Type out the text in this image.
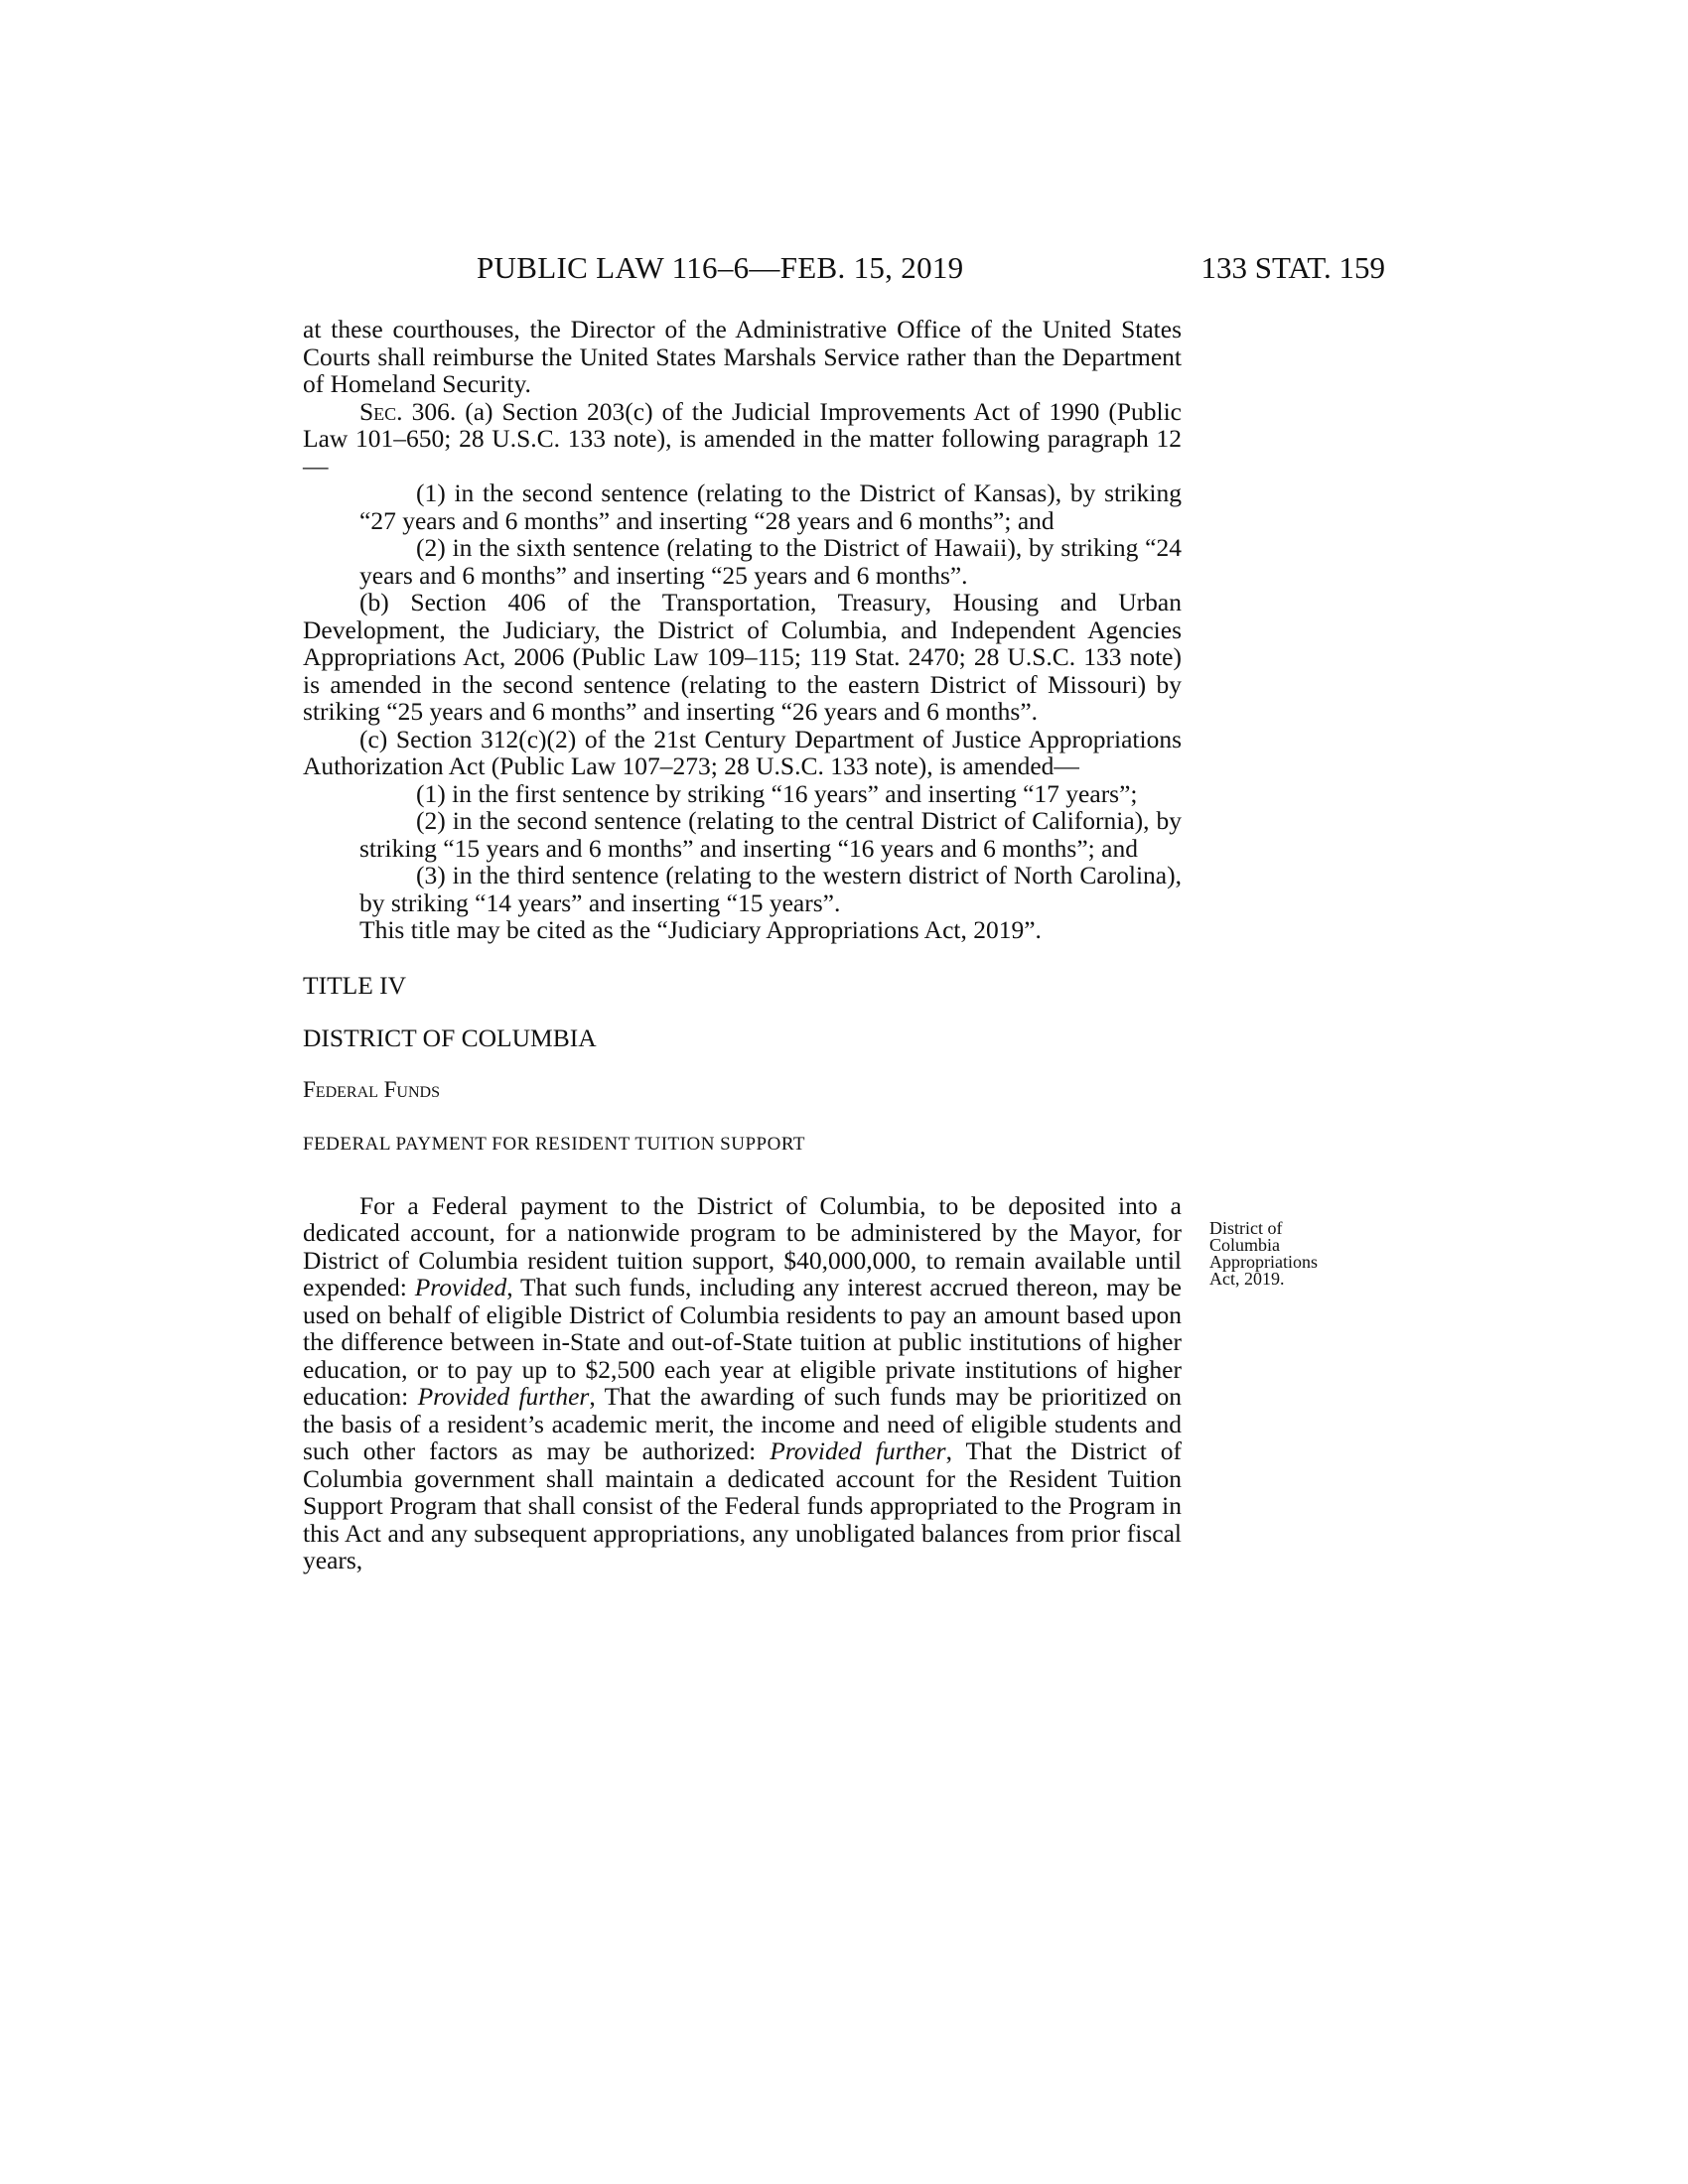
PUBLIC LAW 116–6—FEB. 15, 2019	133 STAT. 159
District of
Columbia
Appropriations
Act, 2019.

at these courthouses, the Director of the Administrative Office of the United States Courts shall reimburse the United States Marshals Service rather than the Department of Homeland Security.

Sec. 306. (a) Section 203(c) of the Judicial Improvements Act of 1990 (Public Law 101–650; 28 U.S.C. 133 note), is amended in the matter following paragraph 12—

(1) in the second sentence (relating to the District of Kansas), by striking “27 years and 6 months” and inserting “28 years and 6 months”; and

(2) in the sixth sentence (relating to the District of Hawaii), by striking “24 years and 6 months” and inserting “25 years and 6 months”.

(b) Section 406 of the Transportation, Treasury, Housing and Urban Development, the Judiciary, the District of Columbia, and Independent Agencies Appropriations Act, 2006 (Public Law 109–115; 119 Stat. 2470; 28 U.S.C. 133 note) is amended in the second sentence (relating to the eastern District of Missouri) by striking “25 years and 6 months” and inserting “26 years and 6 months”.

(c) Section 312(c)(2) of the 21st Century Department of Justice Appropriations Authorization Act (Public Law 107–273; 28 U.S.C. 133 note), is amended—

(1) in the first sentence by striking “16 years” and inserting “17 years”;

(2) in the second sentence (relating to the central District of California), by striking “15 years and 6 months” and inserting “16 years and 6 months”; and

(3) in the third sentence (relating to the western district of North Carolina), by striking “14 years” and inserting “15 years”.

This title may be cited as the “Judiciary Appropriations Act, 2019”.

TITLE IV

DISTRICT OF COLUMBIA

Federal Funds

FEDERAL PAYMENT FOR RESIDENT TUITION SUPPORT

For a Federal payment to the District of Columbia, to be deposited into a dedicated account, for a nationwide program to be administered by the Mayor, for District of Columbia resident tuition support, $40,000,000, to remain available until expended: Provided, That such funds, including any interest accrued thereon, may be used on behalf of eligible District of Columbia residents to pay an amount based upon the difference between in-State and out-of-State tuition at public institutions of higher education, or to pay up to $2,500 each year at eligible private institutions of higher education: Provided further, That the awarding of such funds may be prioritized on the basis of a resident’s academic merit, the income and need of eligible students and such other factors as may be authorized: Provided further, That the District of Columbia government shall maintain a dedicated account for the Resident Tuition Support Program that shall consist of the Federal funds appropriated to the Program in this Act and any subsequent appropriations, any unobligated balances from prior fiscal years,
